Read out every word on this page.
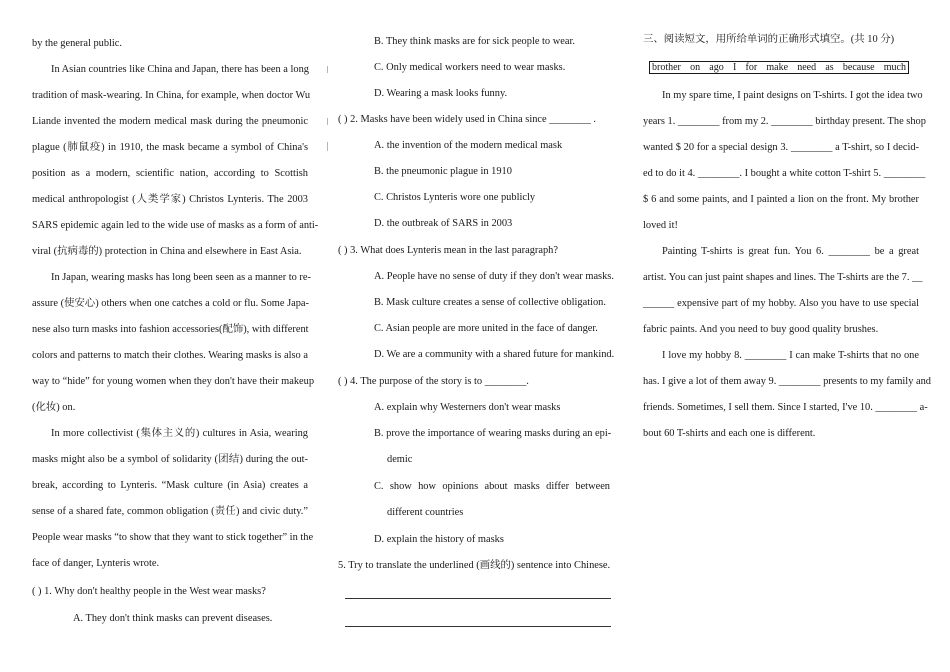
by the general public.
In Asian countries like China and Japan, there has been a long
tradition of mask-wearing. In China, for example, when doctor Wu
Liande invented the modern medical mask during the pneumonic
plague (肺鼠疫) in 1910, the mask became a symbol of China's
position as a modern, scientific nation, according to Scottish
medical anthropologist (人类学家) Christos Lynteris. The 2003
SARS epidemic again led to the wide use of masks as a form of anti-
viral (抗病毒的) protection in China and elsewhere in East Asia.
In Japan, wearing masks has long been seen as a manner to re-
assure (使安心) others when one catches a cold or flu. Some Japa-
nese also turn masks into fashion accessories(配饰), with different
colors and patterns to match their clothes. Wearing masks is also a
way to “hide” for young women when they don't have their makeup
(化妆) on.
In more collectivist (集体主义的) cultures in Asia, wearing
masks might also be a symbol of solidarity (团结) during the out-
break, according to Lynteris. “Mask culture (in Asia) creates a
sense of a shared fate, common obligation (责任) and civic duty.”
People wear masks “to show that they want to stick together” in the
face of danger, Lynteris wrote.
( ) 1. Why don't healthy people in the West wear masks?
A. They don't think masks can prevent diseases.
B. They think masks are for sick people to wear.
C. Only medical workers need to wear masks.
D. Wearing a mask looks funny.
( ) 2. Masks have been widely used in China since ________ .
A. the invention of the modern medical mask
B. the pneumonic plague in 1910
C. Christos Lynteris wore one publicly
D. the outbreak of SARS in 2003
( ) 3. What does Lynteris mean in the last paragraph?
A. People have no sense of duty if they don't wear masks.
B. Mask culture creates a sense of collective obligation.
C. Asian people are more united in the face of danger.
D. We are a community with a shared future for mankind.
( ) 4. The purpose of the story is to ________.
A. explain why Westerners don't wear masks
B. prove the importance of wearing masks during an epi-
demic
C. show how opinions about masks differ between
different countries
D. explain the history of masks
5. Try to translate the underlined (画线的) sentence into Chinese.
三、阅读短文，用所给单词的正确形式填空。(共 10 分)
brother on ago I for make need as because much
In my spare time, I paint designs on T-shirts. I got the idea two
years 1. ________ from my 2. ________ birthday present. The shop
wanted $ 20 for a special design 3. ________ a T-shirt, so I decid-
ed to do it 4. ________. I bought a white cotton T-shirt 5. ________
$ 6 and some paints, and I painted a lion on the front. My brother
loved it!
Painting T-shirts is great fun. You 6. ________ be a great
artist. You can just paint shapes and lines. The T-shirts are the 7. __
______ expensive part of my hobby. Also you have to use special
fabric paints. And you need to buy good quality brushes.
I love my hobby 8. ________ I can make T-shirts that no one
has. I give a lot of them away 9. ________ presents to my family and
friends. Sometimes, I sell them. Since I started, I've 10. ________ a-
bout 60 T-shirts and each one is different.
